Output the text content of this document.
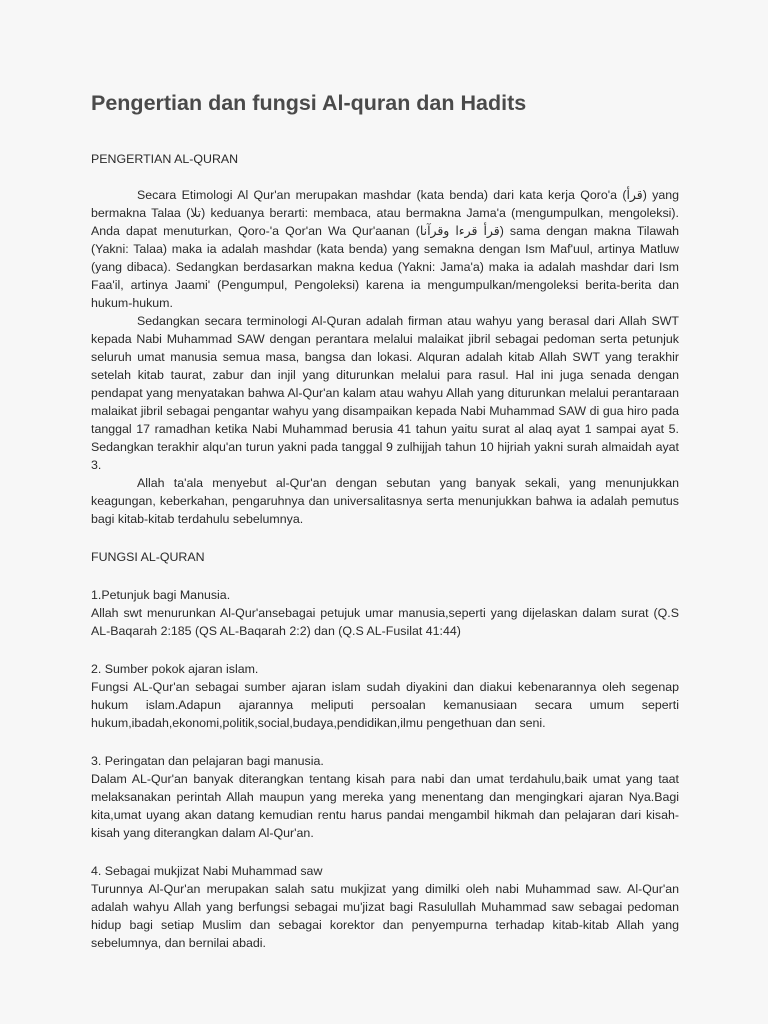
Pengertian dan fungsi Al-quran dan Hadits

PENGERTIAN AL-QURAN

Secara Etimologi Al Qur'an merupakan mashdar (kata benda) dari kata kerja Qoro'a (قرأ) yang bermakna Talaa (تلا) keduanya berarti: membaca, atau bermakna Jama'a (mengumpulkan, mengoleksi). Anda dapat menuturkan, Qoro-'a Qor'an Wa Qur'aanan (قرأ قرءا وقرآنا) sama dengan makna Tilawah (Yakni: Talaa) maka ia adalah mashdar (kata benda) yang semakna dengan Ism Maf'uul, artinya Matluw (yang dibaca). Sedangkan berdasarkan makna kedua (Yakni: Jama'a) maka ia adalah mashdar dari Ism Faa'il, artinya Jaami' (Pengumpul, Pengoleksi) karena ia mengumpulkan/mengoleksi berita-berita dan hukum-hukum.

Sedangkan secara terminologi Al-Quran adalah firman atau wahyu yang berasal dari Allah SWT kepada Nabi Muhammad SAW dengan perantara melalui malaikat jibril sebagai pedoman serta petunjuk seluruh umat manusia semua masa, bangsa dan lokasi. Alquran adalah kitab Allah SWT yang terakhir setelah kitab taurat, zabur dan injil yang diturunkan melalui para rasul. Hal ini juga senada dengan pendapat yang menyatakan bahwa Al-Qur'an kalam atau wahyu Allah yang diturunkan melalui perantaraan malaikat jibril sebagai pengantar wahyu yang disampaikan kepada Nabi Muhammad SAW di gua hiro pada tanggal 17 ramadhan ketika Nabi Muhammad berusia 41 tahun yaitu surat al alaq ayat 1 sampai ayat 5. Sedangkan terakhir alqu'an turun yakni pada tanggal 9 zulhijjah tahun 10 hijriah yakni surah almaidah ayat 3.

Allah ta'ala menyebut al-Qur'an dengan sebutan yang banyak sekali, yang menunjukkan keagungan, keberkahan, pengaruhnya dan universalitasnya serta menunjukkan bahwa ia adalah pemutus bagi kitab-kitab terdahulu sebelumnya.

FUNGSI AL-QURAN

1.Petunjuk bagi Manusia.

Allah swt menurunkan Al-Qur'ansebagai petujuk umar manusia,seperti yang dijelaskan dalam surat (Q.S AL-Baqarah 2:185 (QS AL-Baqarah 2:2) dan (Q.S AL-Fusilat 41:44)

2. Sumber pokok ajaran islam.

Fungsi AL-Qur'an sebagai sumber ajaran islam sudah diyakini dan diakui kebenarannya oleh segenap hukum islam.Adapun ajarannya meliputi persoalan kemanusiaan secara umum seperti hukum,ibadah,ekonomi,politik,social,budaya,pendidikan,ilmu pengethuan dan seni.

3. Peringatan dan pelajaran bagi manusia.

Dalam AL-Qur'an banyak diterangkan tentang kisah para nabi dan umat terdahulu,baik umat yang taat melaksanakan perintah Allah maupun yang mereka yang menentang dan mengingkari ajaran Nya.Bagi kita,umat uyang akan datang kemudian rentu harus pandai mengambil hikmah dan pelajaran dari kisah-kisah yang diterangkan dalam Al-Qur'an.

4. Sebagai mukjizat Nabi Muhammad saw

Turunnya Al-Qur'an merupakan salah satu mukjizat yang dimilki oleh nabi Muhammad saw. Al-Qur'an adalah wahyu Allah yang berfungsi sebagai mu'jizat bagi Rasulullah Muhammad saw sebagai pedoman hidup bagi setiap Muslim dan sebagai korektor dan penyempurna terhadap kitab-kitab Allah yang sebelumnya, dan bernilai abadi.
